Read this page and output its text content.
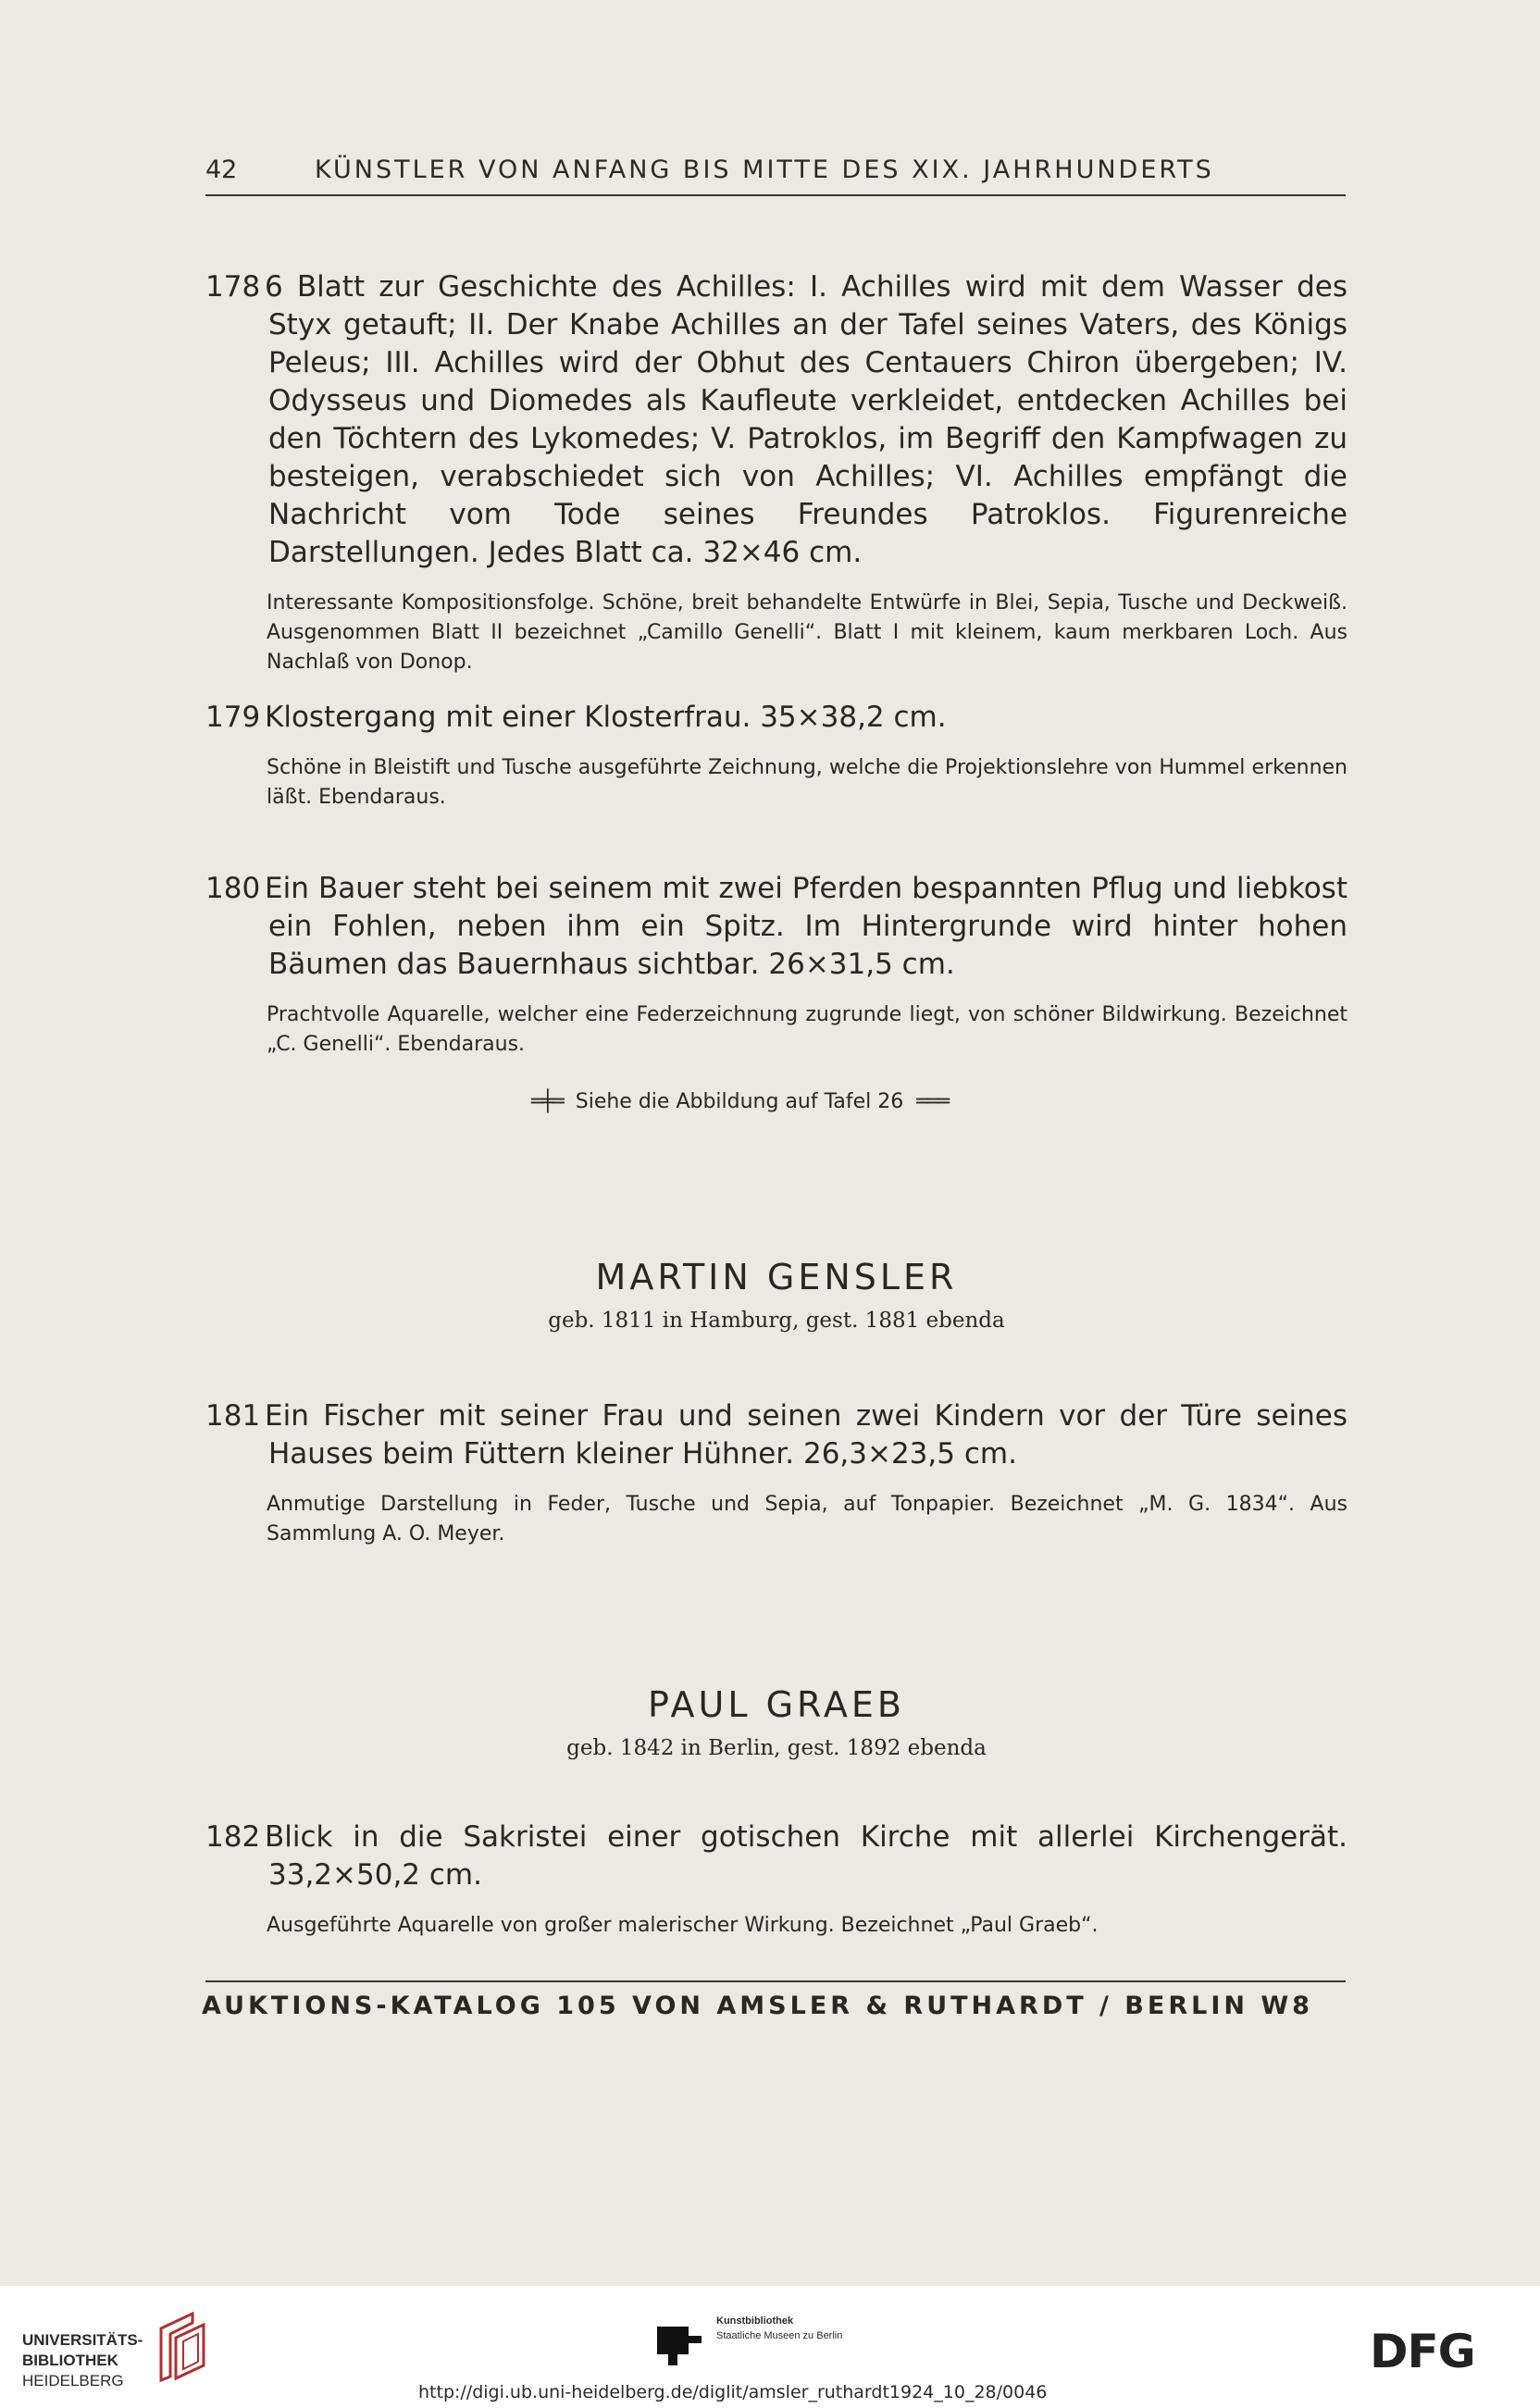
42	KÜNSTLER VON ANFANG BIS MITTE DES XIX. JAHRHUNDERTS
178 6 Blatt zur Geschichte des Achilles: I. Achilles wird mit dem Wasser des Styx getauft; II. Der Knabe Achilles an der Tafel seines Vaters, des Königs Peleus; III. Achilles wird der Obhut des Centauers Chiron übergeben; IV. Odysseus und Diomedes als Kaufleute verkleidet, entdecken Achilles bei den Töchtern des Lykomedes; V. Patroklos, im Begriff den Kampfwagen zu besteigen, verabschiedet sich von Achilles; VI. Achilles empfängt die Nachricht vom Tode seines Freundes Patroklos. Figurenreiche Darstellungen. Jedes Blatt ca. 32×46 cm.
Interessante Kompositionsfolge. Schöne, breit behandelte Entwürfe in Blei, Sepia, Tusche und Deckweiß. Ausgenommen Blatt II bezeichnet „Camillo Genelli“. Blatt I mit kleinem, kaum merkbaren Loch. Aus Nachlaß von Donop.
179 Klostergang mit einer Klosterfrau. 35×38,2 cm.
Schöne in Bleistift und Tusche ausgeführte Zeichnung, welche die Projektionslehre von Hummel erkennen läßt. Ebendaraus.
180 Ein Bauer steht bei seinem mit zwei Pferden bespannten Pflug und liebkost ein Fohlen, neben ihm ein Spitz. Im Hintergrunde wird hinter hohen Bäumen das Bauernhaus sichtbar. 26×31,5 cm.
Prachtvolle Aquarelle, welcher eine Federzeichnung zugrunde liegt, von schöner Bildwirkung. Bezeichnet „C. Genelli“. Ebendaraus.
═╪═ Siehe die Abbildung auf Tafel 26 ═══
MARTIN GENSLER
geb. 1811 in Hamburg, gest. 1881 ebenda
181 Ein Fischer mit seiner Frau und seinen zwei Kindern vor der Türe seines Hauses beim Füttern kleiner Hühner. 26,3×23,5 cm.
Anmutige Darstellung in Feder, Tusche und Sepia, auf Tonpapier. Bezeichnet „M. G. 1834“. Aus Sammlung A. O. Meyer.
PAUL GRAEB
geb. 1842 in Berlin, gest. 1892 ebenda
182 Blick in die Sakristei einer gotischen Kirche mit allerlei Kirchengerät. 33,2×50,2 cm.
Ausgeführte Aquarelle von großer malerischer Wirkung. Bezeichnet „Paul Graeb“.
AUKTIONS-KATALOG 105 VON AMSLER & RUTHARDT / BERLIN W8
UNIVERSITÄTS-
BIBLIOTHEK
HEIDELBERG
Kunstbibliothek
Staatliche Museen zu Berlin	DFG
http://digi.ub.uni-heidelberg.de/diglit/amsler_ruthardt1924_10_28/0046
